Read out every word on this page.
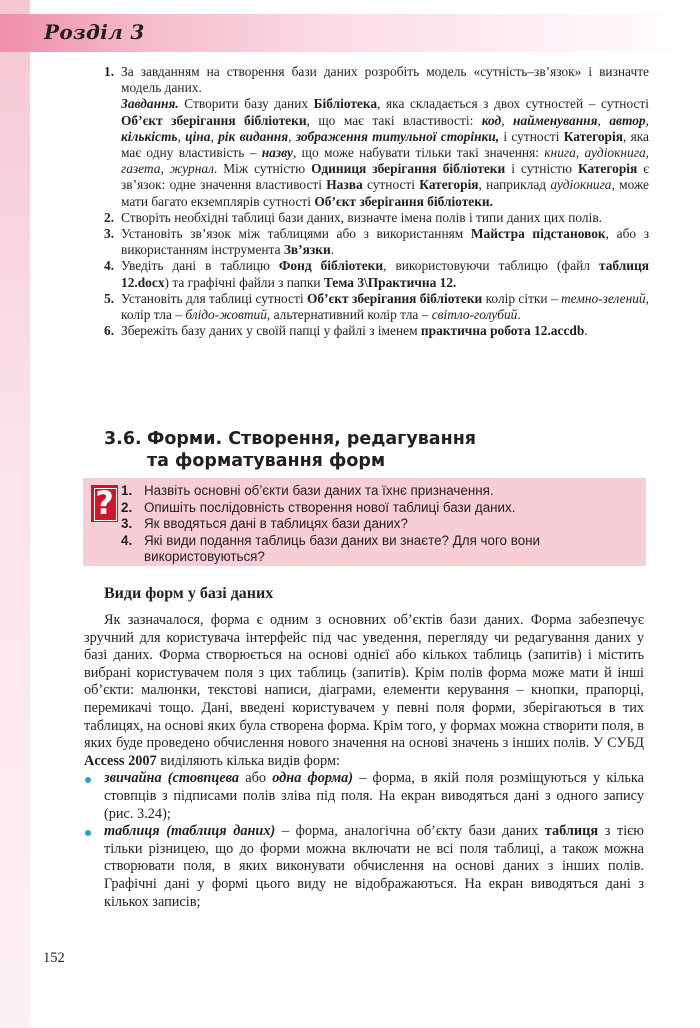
Розділ 3
1. За завданням на створення бази даних розробіть модель «сутність–зв’язок» і визначте модель даних.
Завдання. Створити базу даних Бібліотека, яка складається з двох сутностей – сутності Об’єкт зберігання бібліотеки, що має такі властивості: код, найменування, автор, кількість, ціна, рік видання, зображення титульної сторінки, і сутності Категорія, яка має одну властивість – назву, що може набувати тільки такі значення: книга, аудіокнига, газета, журнал. Між сутністю Одиниця зберігання бібліотеки і сутністю Категорія є зв’язок: одне значення властивості Назва сутності Категорія, наприклад аудіокнига, може мати багато екземплярів сутності Об’єкт зберігання бібліотеки.
2. Створіть необхідні таблиці бази даних, визначте імена полів і типи даних цих полів.
3. Установіть зв’язок між таблицями або з використанням Майстра підстановок, або з використанням інструмента Зв’язки.
4. Уведіть дані в таблицю Фонд бібліотеки, використовуючи таблицю (файл таблиця 12.docx) та графічні файли з папки Тема 3\Практична 12.
5. Установіть для таблиці сутності Об’єкт зберігання бібліотеки колір сітки – темно-зелений, колір тла – блідо-жовтий, альтернативний колір тла – світло-голубий.
6. Збережіть базу даних у своїй папці у файлі з іменем практична робота 12.accdb.
3.6. Форми. Створення, редагування
та форматування форм
? 1. Назвіть основні об’єкти бази даних та їхнє призначення.
2. Опишіть послідовність створення нової таблиці бази даних.
3. Як вводяться дані в таблицях бази даних?
4. Які види подання таблиць бази даних ви знаєте? Для чого вони використовуються?
Види форм у базі даних

Як зазначалося, форма є одним з основних об’єктів бази даних. Форма забезпечує зручний для користувача інтерфейс під час уведення, перегляду чи редагування даних у базі даних. Форма створюється на основі однієї або кількох таблиць (запитів) і містить вибрані користувачем поля з цих таблиць (запитів). Крім полів форма може мати й інші об’єкти: малюнки, текстові написи, діаграми, елементи керування – кнопки, прапорці, перемикачі тощо. Дані, введені користувачем у певні поля форми, зберігаються в тих таблицях, на основі яких була створена форма. Крім того, у формах можна створити поля, в яких буде проведено обчислення нового значення на основі значень з інших полів. У СУБД Access 2007 виділяють кілька видів форм:

звичайна (стовпцева або одна форма) – форма, в якій поля розміщуються у кілька стовпців з підписами полів зліва під поля. На екран виводяться дані з одного запису (рис. 3.24);
таблиця (таблиця даних) – форма, аналогічна об’єкту бази даних таблиця з тією тільки різницею, що до форми можна включати не всі поля таблиці, а також можна створювати поля, в яких виконувати обчислення на основі даних з інших полів. Графічні дані у формі цього виду не відображаються. На екран виводяться дані з кількох записів;
152
